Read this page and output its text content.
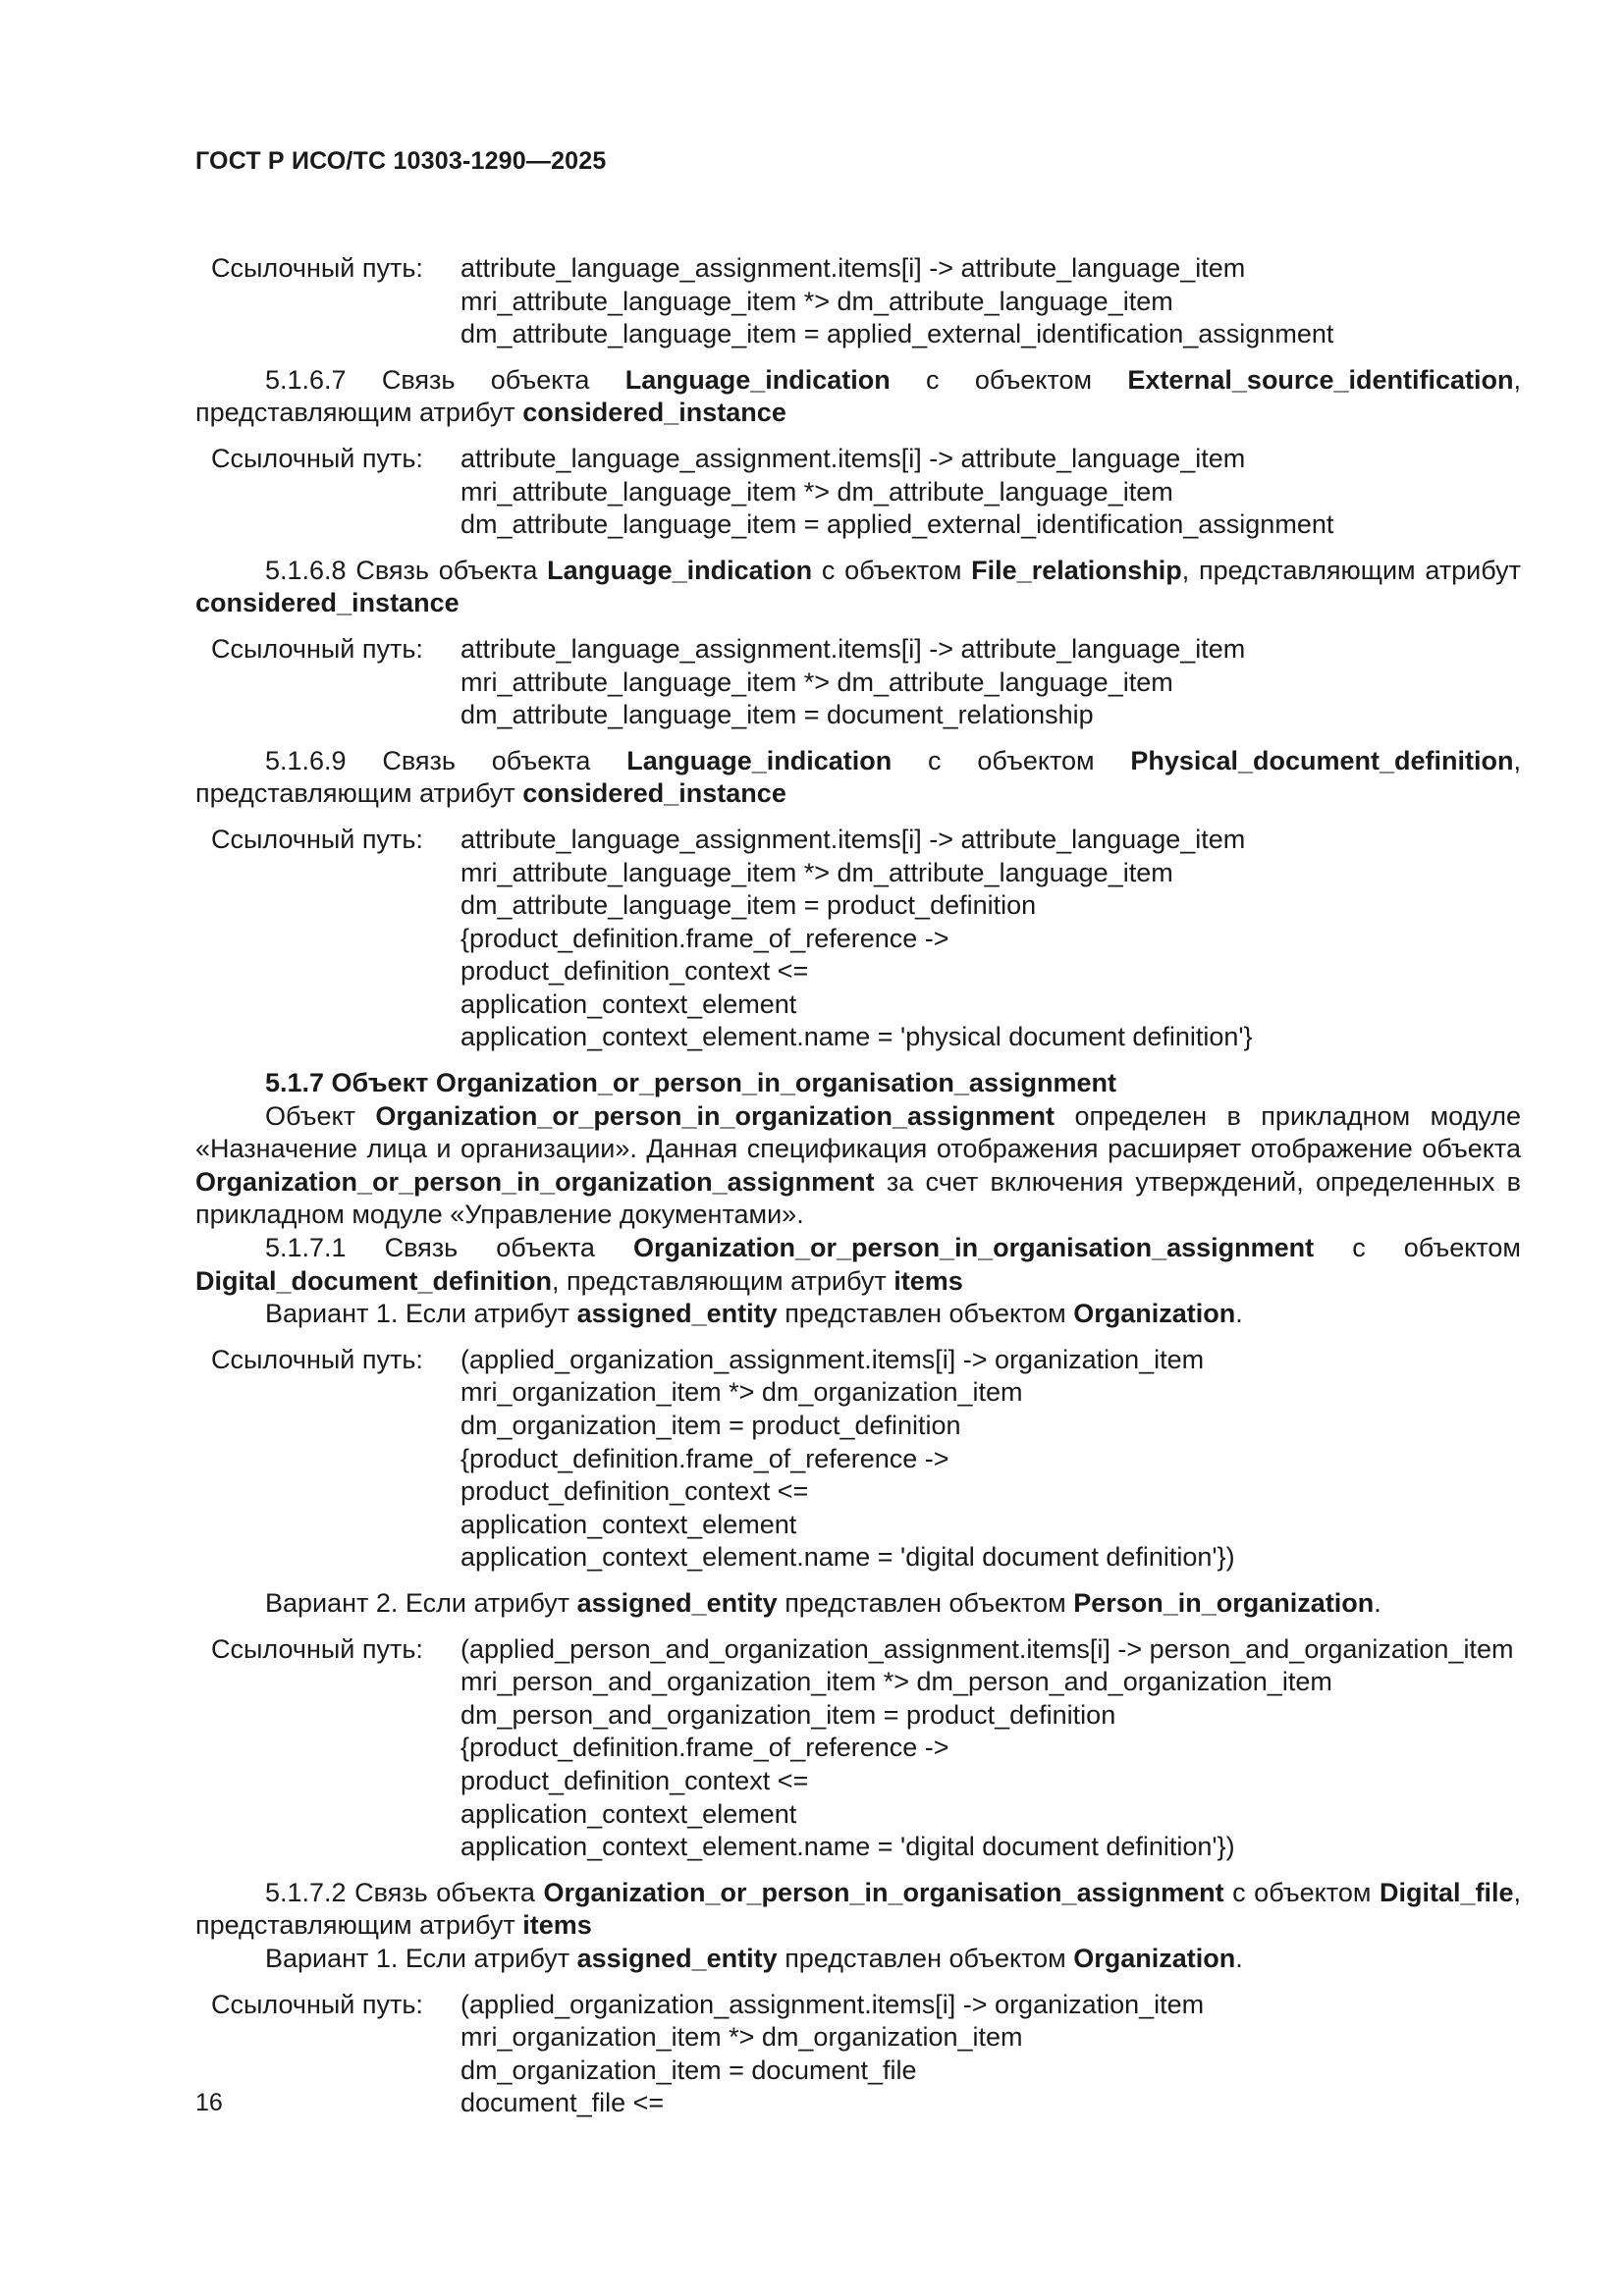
ГОСТ Р ИСО/ТС 10303-1290—2025
Ссылочный путь:	attribute_language_assignment.items[i] -> attribute_language_item
mri_attribute_language_item *> dm_attribute_language_item
dm_attribute_language_item = applied_external_identification_assignment

5.1.6.7 Связь объекта Language_indication с объектом External_source_identification, представляющим атрибут considered_instance

Ссылочный путь:	attribute_language_assignment.items[i] -> attribute_language_item
mri_attribute_language_item *> dm_attribute_language_item
dm_attribute_language_item = applied_external_identification_assignment

5.1.6.8 Связь объекта Language_indication с объектом File_relationship, представляющим атрибут considered_instance

Ссылочный путь:	attribute_language_assignment.items[i] -> attribute_language_item
mri_attribute_language_item *> dm_attribute_language_item
dm_attribute_language_item = document_relationship

5.1.6.9 Связь объекта Language_indication с объектом Physical_document_definition, представляющим атрибут considered_instance

Ссылочный путь:	attribute_language_assignment.items[i] -> attribute_language_item
mri_attribute_language_item *> dm_attribute_language_item
dm_attribute_language_item = product_definition
{product_definition.frame_of_reference ->
product_definition_context <=
application_context_element
application_context_element.name = 'physical document definition'}

5.1.7 Объект Organization_or_person_in_organisation_assignment

Объект Organization_or_person_in_organization_assignment определен в прикладном модуле «Назначение лица и организации». Данная спецификация отображения расширяет отображение объекта Organization_or_person_in_organization_assignment за счет включения утверждений, определенных в прикладном модуле «Управление документами».

5.1.7.1 Связь объекта Organization_or_person_in_organisation_assignment с объектом Digital_document_definition, представляющим атрибут items

Вариант 1. Если атрибут assigned_entity представлен объектом Organization.

Ссылочный путь:	(applied_organization_assignment.items[i] -> organization_item
mri_organization_item *> dm_organization_item
dm_organization_item = product_definition
{product_definition.frame_of_reference ->
product_definition_context <=
application_context_element
application_context_element.name = 'digital document definition'})

Вариант 2. Если атрибут assigned_entity представлен объектом Person_in_organization.

Ссылочный путь:	(applied_person_and_organization_assignment.items[i] -> person_and_organization_item
mri_person_and_organization_item *> dm_person_and_organization_item
dm_person_and_organization_item = product_definition
{product_definition.frame_of_reference ->
product_definition_context <=
application_context_element
application_context_element.name = 'digital document definition'})

5.1.7.2 Связь объекта Organization_or_person_in_organisation_assignment с объектом Digital_file, представляющим атрибут items

Вариант 1. Если атрибут assigned_entity представлен объектом Organization.

Ссылочный путь:	(applied_organization_assignment.items[i] -> organization_item
mri_organization_item *> dm_organization_item
dm_organization_item = document_file
document_file <=
16
